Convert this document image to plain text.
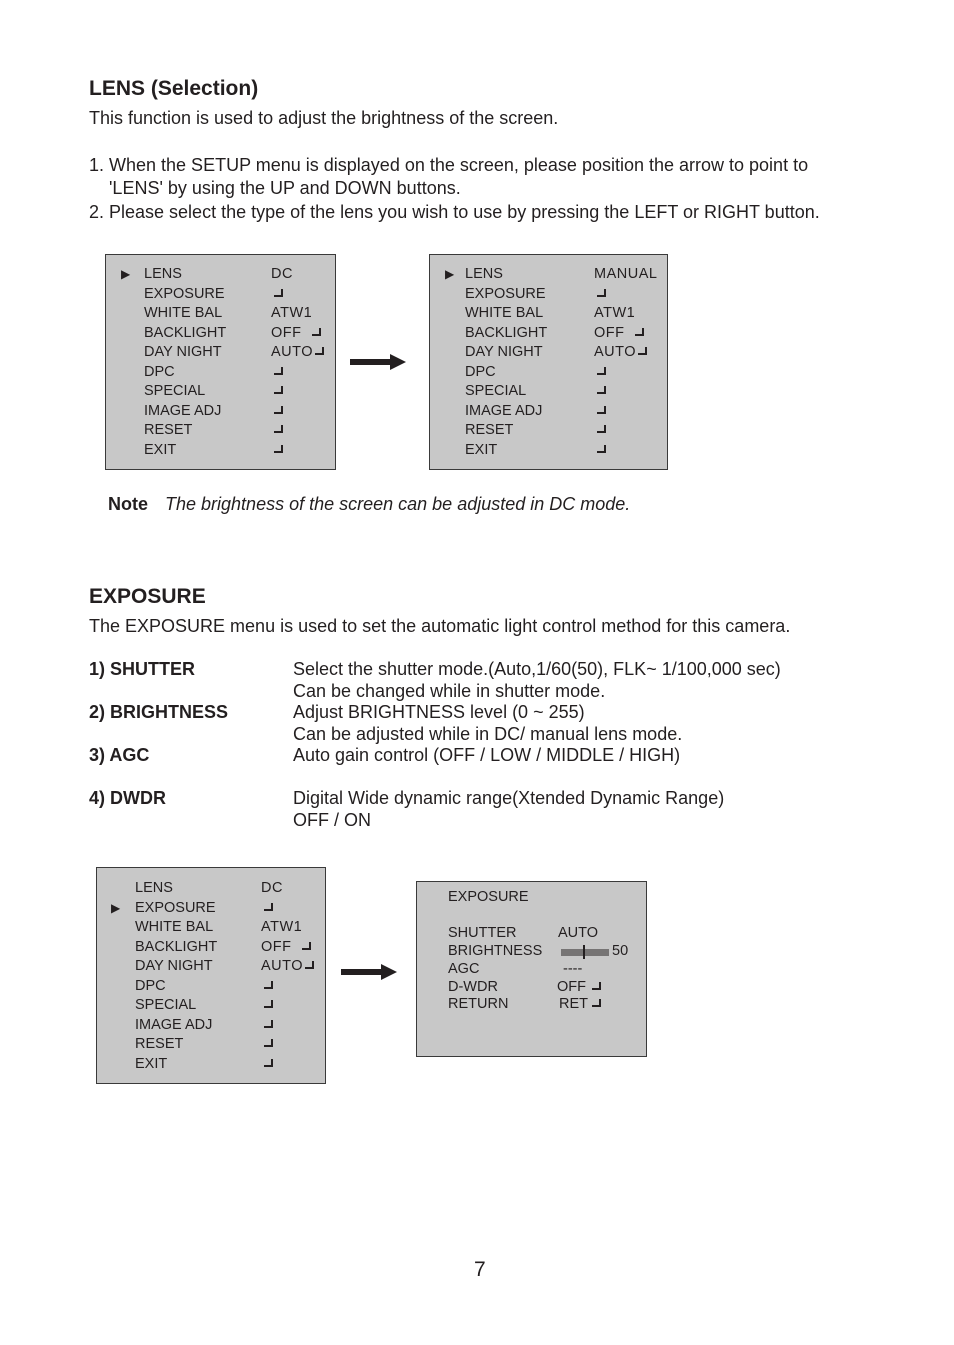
LENS (Selection)
This function is used to adjust the brightness of the screen.
1. When the SETUP menu is displayed on the screen, please position the arrow to point to
'LENS' by using the UP and DOWN buttons.
2. Please select the type of the lens you wish to use by pressing the LEFT or RIGHT button.
▶ LENS	DC
EXPOSURE
WHITE BAL	ATW1
BACKLIGHT	OFF
DAY NIGHT	AUTO
DPC
SPECIAL
IMAGE ADJ
RESET
EXIT
▶ LENS	MANUAL
EXPOSURE
WHITE BAL	ATW1
BACKLIGHT	OFF
DAY NIGHT	AUTO
DPC
SPECIAL
IMAGE ADJ
RESET
EXIT
Note The brightness of the screen can be adjusted in DC mode.
EXPOSURE
The EXPOSURE menu is used to set the automatic light control method for this camera.
1) SHUTTER	Select the shutter mode.(Auto,1/60(50), FLK~ 1/100,000 sec)
Can be changed while in shutter mode.
2) BRIGHTNESS	Adjust BRIGHTNESS level (0 ~ 255)
Can be adjusted while in DC/ manual lens mode.
3) AGC	Auto gain control (OFF / LOW / MIDDLE / HIGH)
4) DWDR	Digital Wide dynamic range(Xtended Dynamic Range)
OFF / ON
LENS	DC
▶ EXPOSURE
WHITE BAL	ATW1
BACKLIGHT	OFF
DAY NIGHT	AUTO
DPC
SPECIAL
IMAGE ADJ
RESET
EXIT
EXPOSURE
SHUTTER	AUTO
BRIGHTNESS	50
AGC	----
D-WDR	OFF
RETURN	RET
7
